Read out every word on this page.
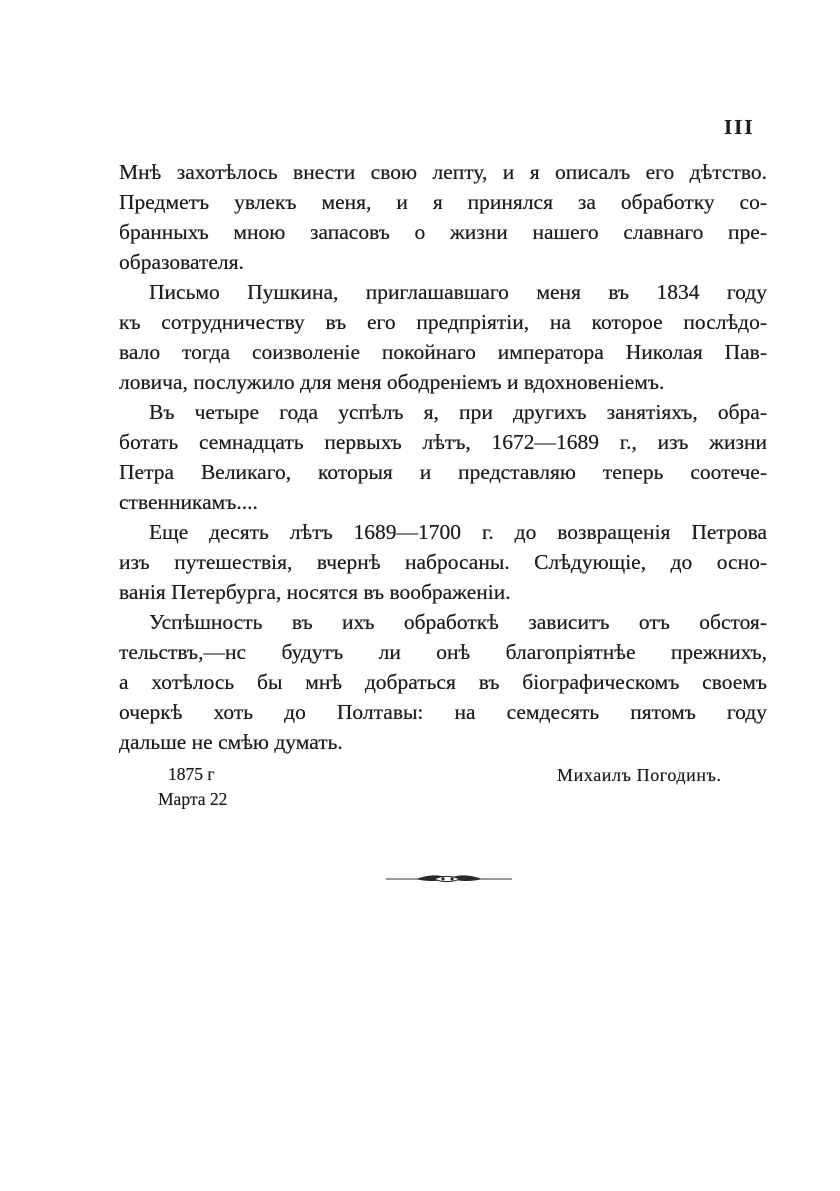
III
Мнѣ захотѣлось внести свою лепту, и я описалъ его дѣтство.
Предметъ увлекъ меня, и я принялся за обработку со-
бранныхъ мною запасовъ о жизни нашего славнаго пре-
образователя.
Письмо Пушкина, приглашавшаго меня въ 1834 году
къ сотрудничеству въ его предпріятіи, на которое послѣдо-
вало тогда соизволеніе покойнаго императора Николая Пав-
ловича, послужило для меня ободреніемъ и вдохновеніемъ.
Въ четыре года успѣлъ я, при другихъ занятіяхъ, обра-
ботать семнадцать первыхъ лѣтъ, 1672—1689 г., изъ жизни
Петра Великаго, которыя и представляю теперь соотече-
ственникамъ....
Еще десять лѣтъ 1689—1700 г. до возвращенія Петрова
изъ путешествія, вчернѣ набросаны. Слѣдующіе, до осно-
ванія Петербурга, носятся въ воображеніи.
Успѣшность въ ихъ обработкѣ зависитъ отъ обстоя-
тельствъ,—нс будутъ ли онѣ благопріятнѣе прежнихъ,
а хотѣлось бы мнѣ добраться въ біографическомъ своемъ
очеркѣ хоть до Полтавы: на семдесять пятомъ году
дальше не смѣю думать.
1875 г
Марта 22
Михаилъ Погодинъ.
